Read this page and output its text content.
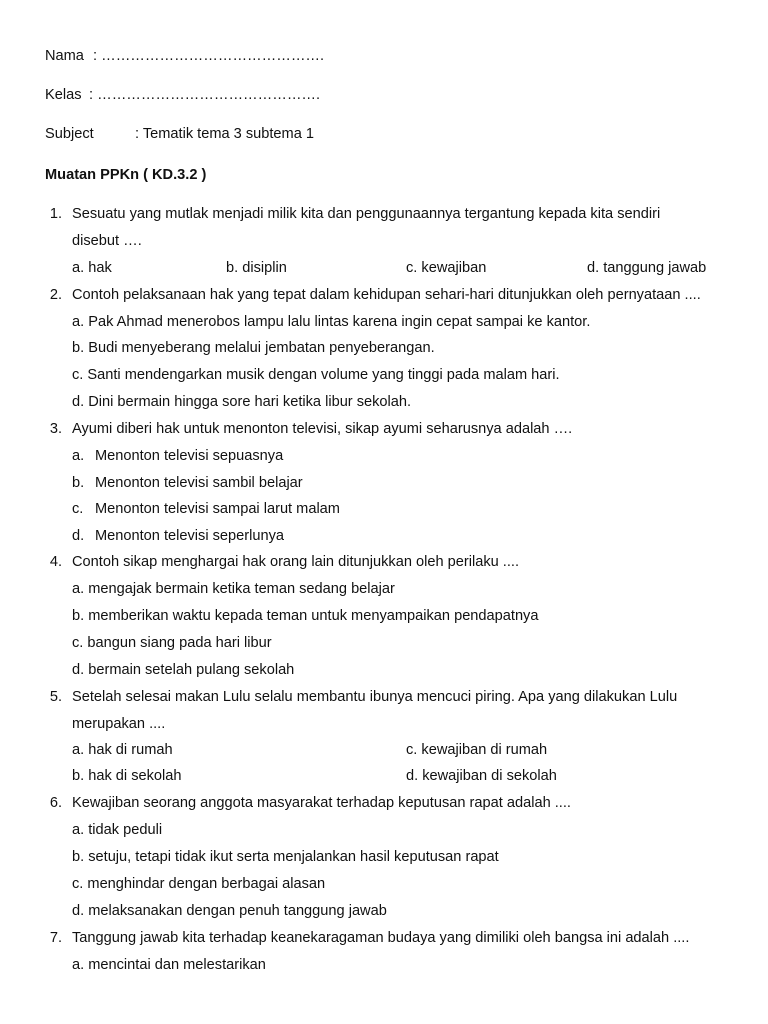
Nama : ……………………………………….
Kelas : ……………………………………….
Subject	: Tematik tema 3 subtema 1
Muatan PPKn ( KD.3.2 )
1. Sesuatu yang mutlak menjadi milik kita dan penggunaannya tergantung kepada kita sendiri
disebut ….
a. hak	b. disiplin	c. kewajiban	d. tanggung jawab
2. Contoh pelaksanaan hak yang tepat dalam kehidupan sehari-hari ditunjukkan oleh pernyataan ....
a. Pak Ahmad menerobos lampu lalu lintas karena ingin cepat sampai ke kantor.
b. Budi menyeberang melalui jembatan penyeberangan.
c. Santi mendengarkan musik dengan volume yang tinggi pada malam hari.
d. Dini bermain hingga sore hari ketika libur sekolah.
3. Ayumi diberi hak untuk menonton televisi, sikap ayumi seharusnya adalah ….
a. Menonton televisi sepuasnya
b. Menonton televisi sambil belajar
c. Menonton televisi sampai larut malam
d. Menonton televisi seperlunya
4. Contoh sikap menghargai hak orang lain ditunjukkan oleh perilaku ....
a. mengajak bermain ketika teman sedang belajar
b. memberikan waktu kepada teman untuk menyampaikan pendapatnya
c. bangun siang pada hari libur
d. bermain setelah pulang sekolah
5. Setelah selesai makan Lulu selalu membantu ibunya mencuci piring. Apa yang dilakukan Lulu
merupakan ....
a. hak di rumah	c. kewajiban di rumah
b. hak di sekolah	d. kewajiban di sekolah
6. Kewajiban seorang anggota masyarakat terhadap keputusan rapat adalah ....
a. tidak peduli
b. setuju, tetapi tidak ikut serta menjalankan hasil keputusan rapat
c. menghindar dengan berbagai alasan
d. melaksanakan dengan penuh tanggung jawab
7. Tanggung jawab kita terhadap keanekaragaman budaya yang dimiliki oleh bangsa ini adalah ....
a. mencintai dan melestarikan
